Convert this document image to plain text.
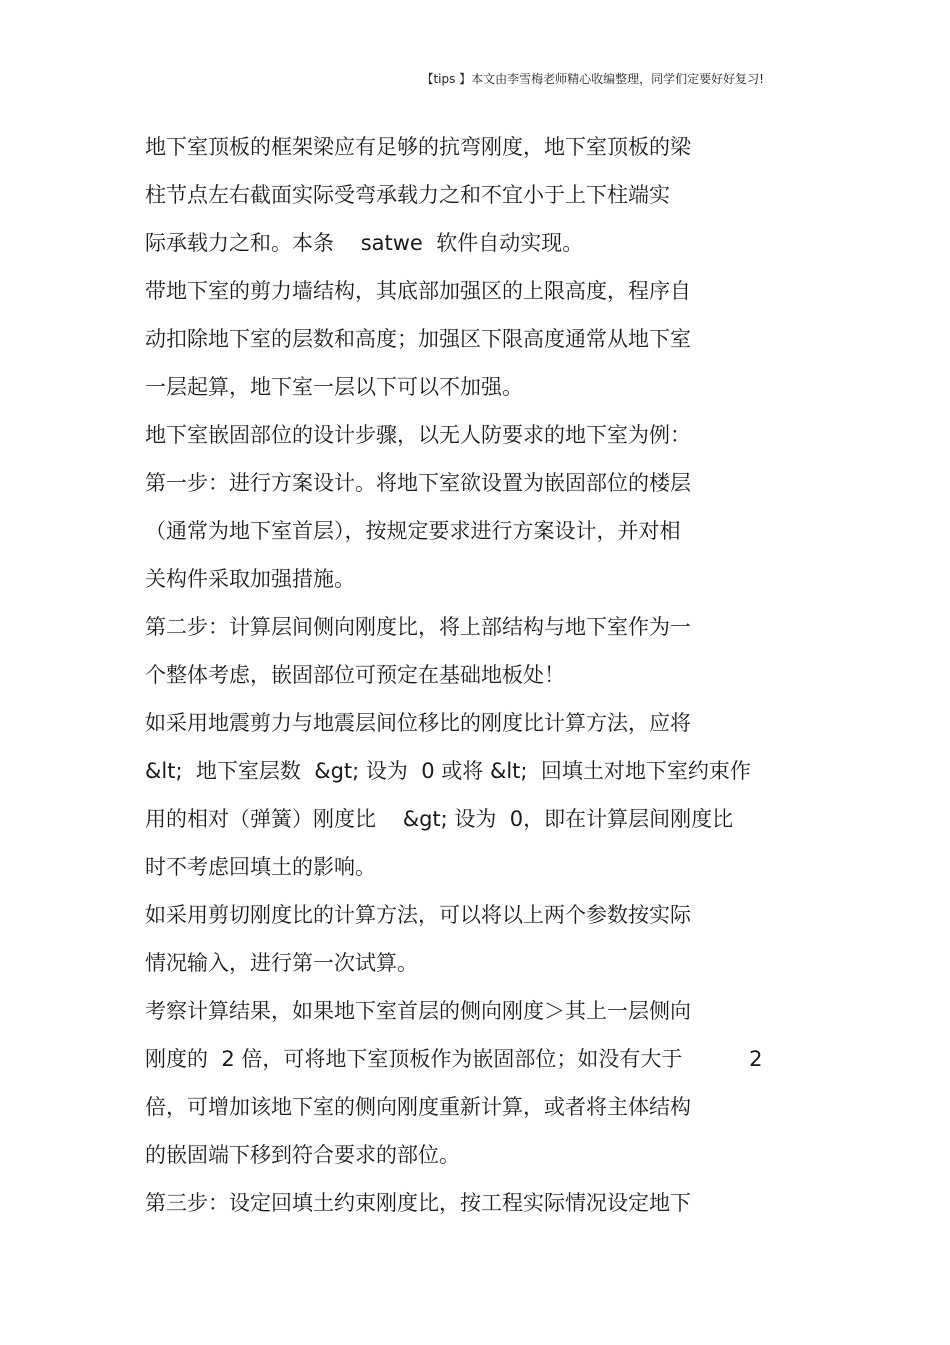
【tips 】本文由李雪梅老师精心收编整理，同学们定要好好复习!
地下室顶板的框架梁应有足够的抗弯刚度，地下室顶板的梁
柱节点左右截面实际受弯承载力之和不宜小于上下柱端实
际承载力之和。本条    satwe  软件自动实现。
带地下室的剪力墙结构，其底部加强区的上限高度，程序自
动扣除地下室的层数和高度；加强区下限高度通常从地下室
一层起算，地下室一层以下可以不加强。
地下室嵌固部位的设计步骤，以无人防要求的地下室为例：
第一步：进行方案设计。将地下室欲设置为嵌固部位的楼层
（通常为地下室首层），按规定要求进行方案设计，并对相
关构件采取加强措施。
第二步：计算层间侧向刚度比，将上部结构与地下室作为一
个整体考虑，嵌固部位可预定在基础地板处！
如采用地震剪力与地震层间位移比的刚度比计算方法，应将
&lt;  地下室层数  &gt; 设为  0 或将 &lt;  回填土对地下室约束作
用的相对（弹簧）刚度比    &gt; 设为  0，即在计算层间刚度比
时不考虑回填土的影响。
如采用剪切刚度比的计算方法，可以将以上两个参数按实际
情况输入，进行第一次试算。
考察计算结果，如果地下室首层的侧向刚度＞其上一层侧向
刚度的  2 倍，可将地下室顶板作为嵌固部位；如没有大于          2
倍，可增加该地下室的侧向刚度重新计算，或者将主体结构
的嵌固端下移到符合要求的部位。
第三步：设定回填土约束刚度比，按工程实际情况设定地下
